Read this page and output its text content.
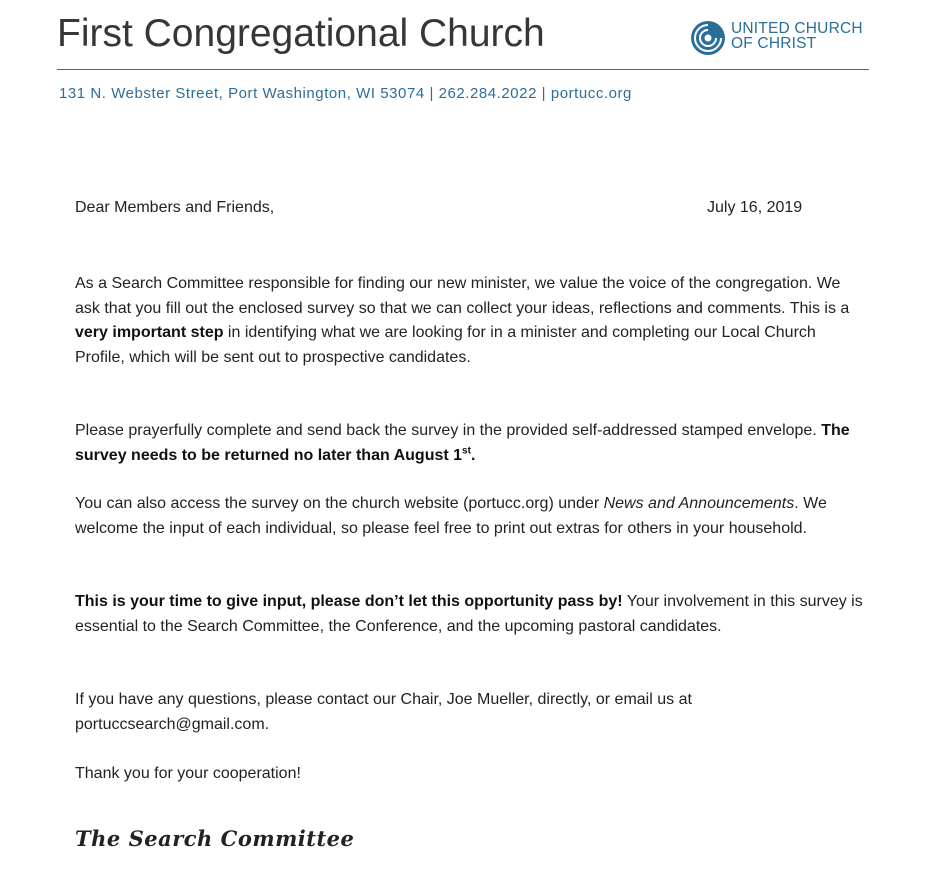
First Congregational Church	UNITED CHURCH
OF CHRIST
131 N. Webster Street, Port Washington, WI 53074 | 262.284.2022 | portucc.org
Dear Members and Friends,	July 16, 2019

As a Search Committee responsible for finding our new minister, we value the voice of the congregation. We ask that you fill out the enclosed survey so that we can collect your ideas, reflections and comments. This is a very important step in identifying what we are looking for in a minister and completing our Local Church Profile, which will be sent out to prospective candidates.

Please prayerfully complete and send back the survey in the provided self-addressed stamped envelope. The survey needs to be returned no later than August 1st.

You can also access the survey on the church website (portucc.org) under News and Announcements. We welcome the input of each individual, so please feel free to print out extras for others in your household.

This is your time to give input, please don’t let this opportunity pass by! Your involvement in this survey is essential to the Search Committee, the Conference, and the upcoming pastoral candidates.

If you have any questions, please contact our Chair, Joe Mueller, directly, or email us at portuccsearch@gmail.com.

Thank you for your cooperation!

The Search Committee
